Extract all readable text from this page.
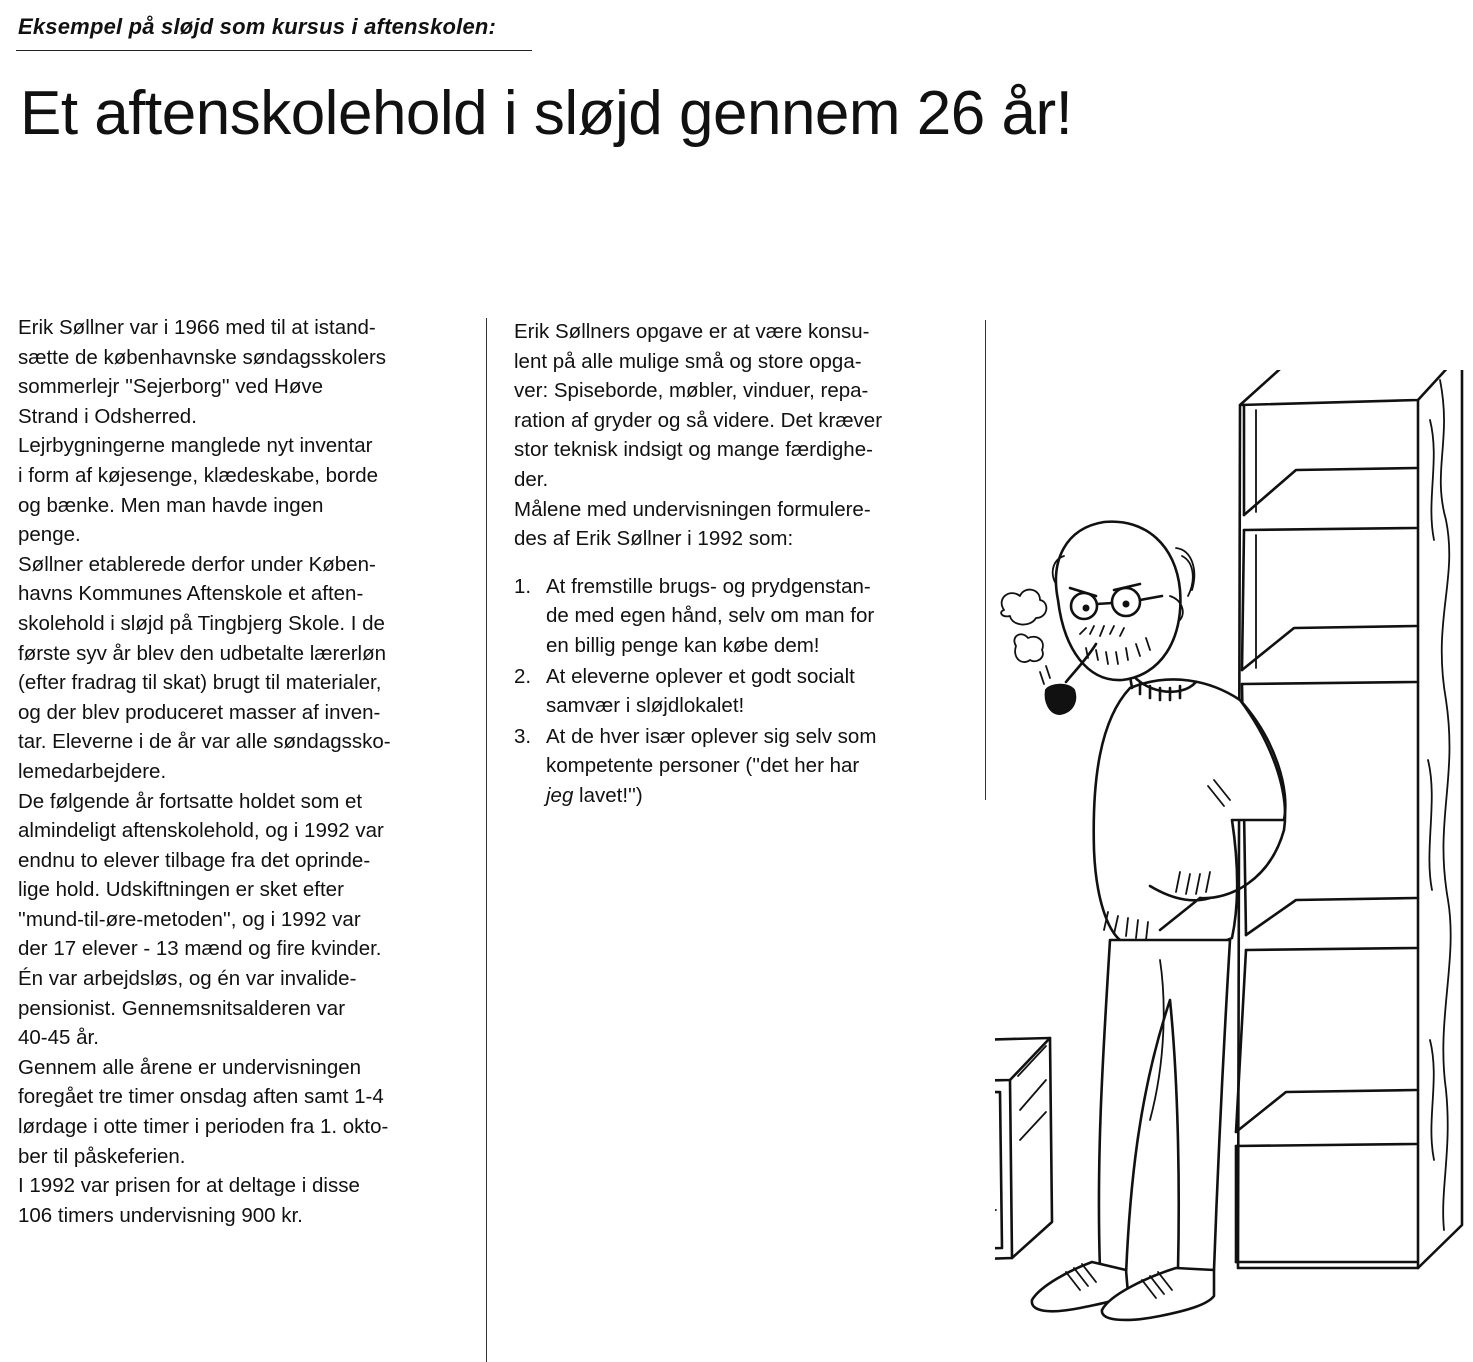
Eksempel på sløjd som kursus i aftenskolen:
Et aftenskolehold i sløjd gennem 26 år!

Erik Søllner var i 1966 med til at istand-

sætte de københavnske søndagsskolers

sommerlejr ''Sejerborg'' ved Høve

Strand i Odsherred.

Lejrbygningerne manglede nyt inventar

i form af køjesenge, klædeskabe, borde

og bænke. Men man havde ingen

penge.

Søllner etablerede derfor under Køben-

havns Kommunes Aftenskole et aften-

skolehold i sløjd på Tingbjerg Skole. I de

første syv år blev den udbetalte lærerløn

(efter fradrag til skat) brugt til materialer,

og der blev produceret masser af inven-

tar. Eleverne i de år var alle søndagssko-

lemedarbejdere.

De følgende år fortsatte holdet som et

almindeligt aftenskolehold, og i 1992 var

endnu to elever tilbage fra det oprinde-

lige hold. Udskiftningen er sket efter

''mund-til-øre-metoden'', og i 1992 var

der 17 elever - 13 mænd og fire kvinder.

Én var arbejdsløs, og én var invalide-

pensionist. Gennemsnitsalderen var

40-45 år.

Gennem alle årene er undervisningen

foregået tre timer onsdag aften samt 1-4

lørdage i otte timer i perioden fra 1. okto-

ber til påskeferien.

I 1992 var prisen for at deltage i disse

106 timers undervisning 900 kr.

Erik Søllners opgave er at være konsu-

lent på alle mulige små og store opga-

ver: Spiseborde, møbler, vinduer, repa-

ration af gryder og så videre. Det kræver

stor teknisk indsigt og mange færdighe-

der.

Målene med undervisningen formulere-

des af Erik Søllner i 1992 som:

1. At fremstille brugs- og prydgenstan-

de med egen hånd, selv om man for

en billig penge kan købe dem!

2. At eleverne oplever et godt socialt

samvær i sløjdlokalet!

3. At de hver især oplever sig selv som

kompetente personer (''det her har

jeg lavet!'')
